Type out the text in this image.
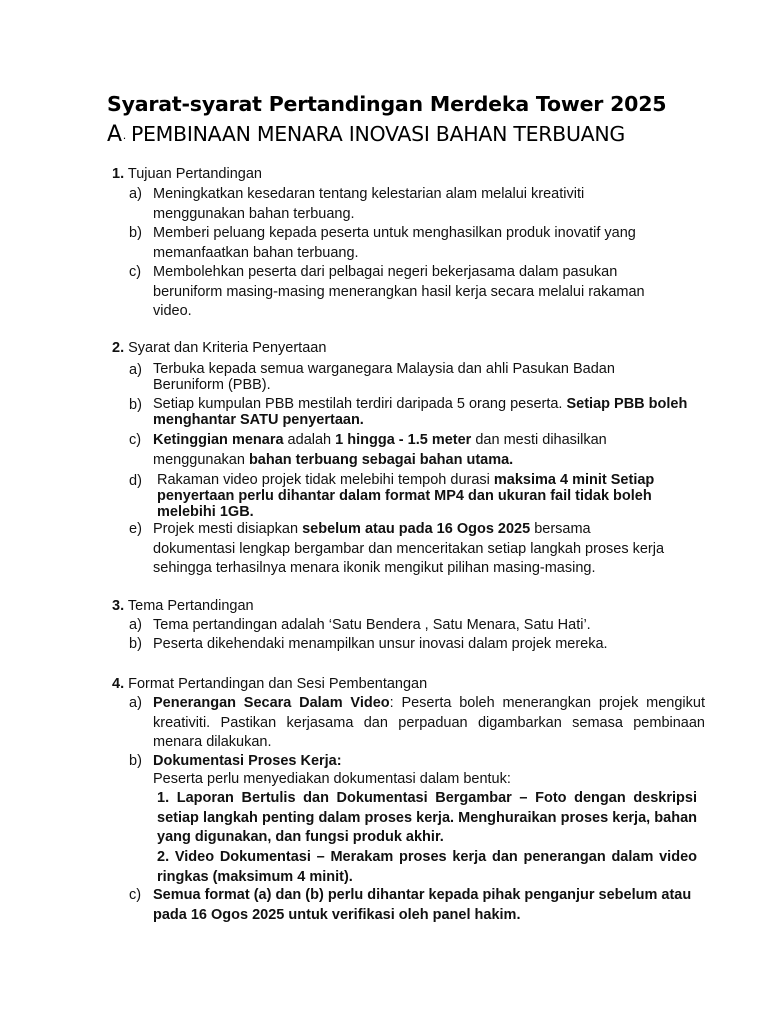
Syarat-syarat Pertandingan Merdeka Tower 2025
A. PEMBINAAN MENARA INOVASI BAHAN TERBUANG
1. Tujuan Pertandingan
a) Meningkatkan kesedaran tentang kelestarian alam melalui kreativiti menggunakan bahan terbuang.
b) Memberi peluang kepada peserta untuk menghasilkan produk inovatif yang memanfaatkan bahan terbuang.
c) Membolehkan peserta dari pelbagai negeri bekerjasama dalam pasukan beruniform masing-masing menerangkan hasil kerja secara melalui rakaman video.
2. Syarat dan Kriteria Penyertaan
a) Terbuka kepada semua warganegara Malaysia dan ahli Pasukan Badan Beruniform (PBB).
b) Setiap kumpulan PBB mestilah terdiri daripada 5 orang peserta. Setiap PBB boleh menghantar SATU penyertaan.
c) Ketinggian menara adalah 1 hingga - 1.5 meter dan mesti dihasilkan menggunakan bahan terbuang sebagai bahan utama.
d) Rakaman video projek tidak melebihi tempoh durasi maksima 4 minit Setiap penyertaan perlu dihantar dalam format MP4 dan ukuran fail tidak boleh melebihi 1GB.
e) Projek mesti disiapkan sebelum atau pada 16 Ogos 2025 bersama dokumentasi lengkap bergambar dan menceritakan setiap langkah proses kerja sehingga terhasilnya menara ikonik mengikut pilihan masing-masing.
3. Tema Pertandingan
a) Tema pertandingan adalah ‘Satu Bendera , Satu Menara, Satu Hati’.
b) Peserta dikehendaki menampilkan unsur inovasi dalam projek mereka.
4. Format Pertandingan dan Sesi Pembentangan
a) Penerangan Secara Dalam Video: Peserta boleh menerangkan projek mengikut kreativiti. Pastikan kerjasama dan perpaduan digambarkan semasa pembinaan menara dilakukan.
b) Dokumentasi Proses Kerja:
Peserta perlu menyediakan dokumentasi dalam bentuk:
1. Laporan Bertulis dan Dokumentasi Bergambar – Foto dengan deskripsi setiap langkah penting dalam proses kerja. Menghuraikan proses kerja, bahan yang digunakan, dan fungsi produk akhir.
2. Video Dokumentasi – Merakam proses kerja dan penerangan dalam video ringkas (maksimum 4 minit).
c) Semua format (a) dan (b) perlu dihantar kepada pihak penganjur sebelum atau pada 16 Ogos 2025 untuk verifikasi oleh panel hakim.
